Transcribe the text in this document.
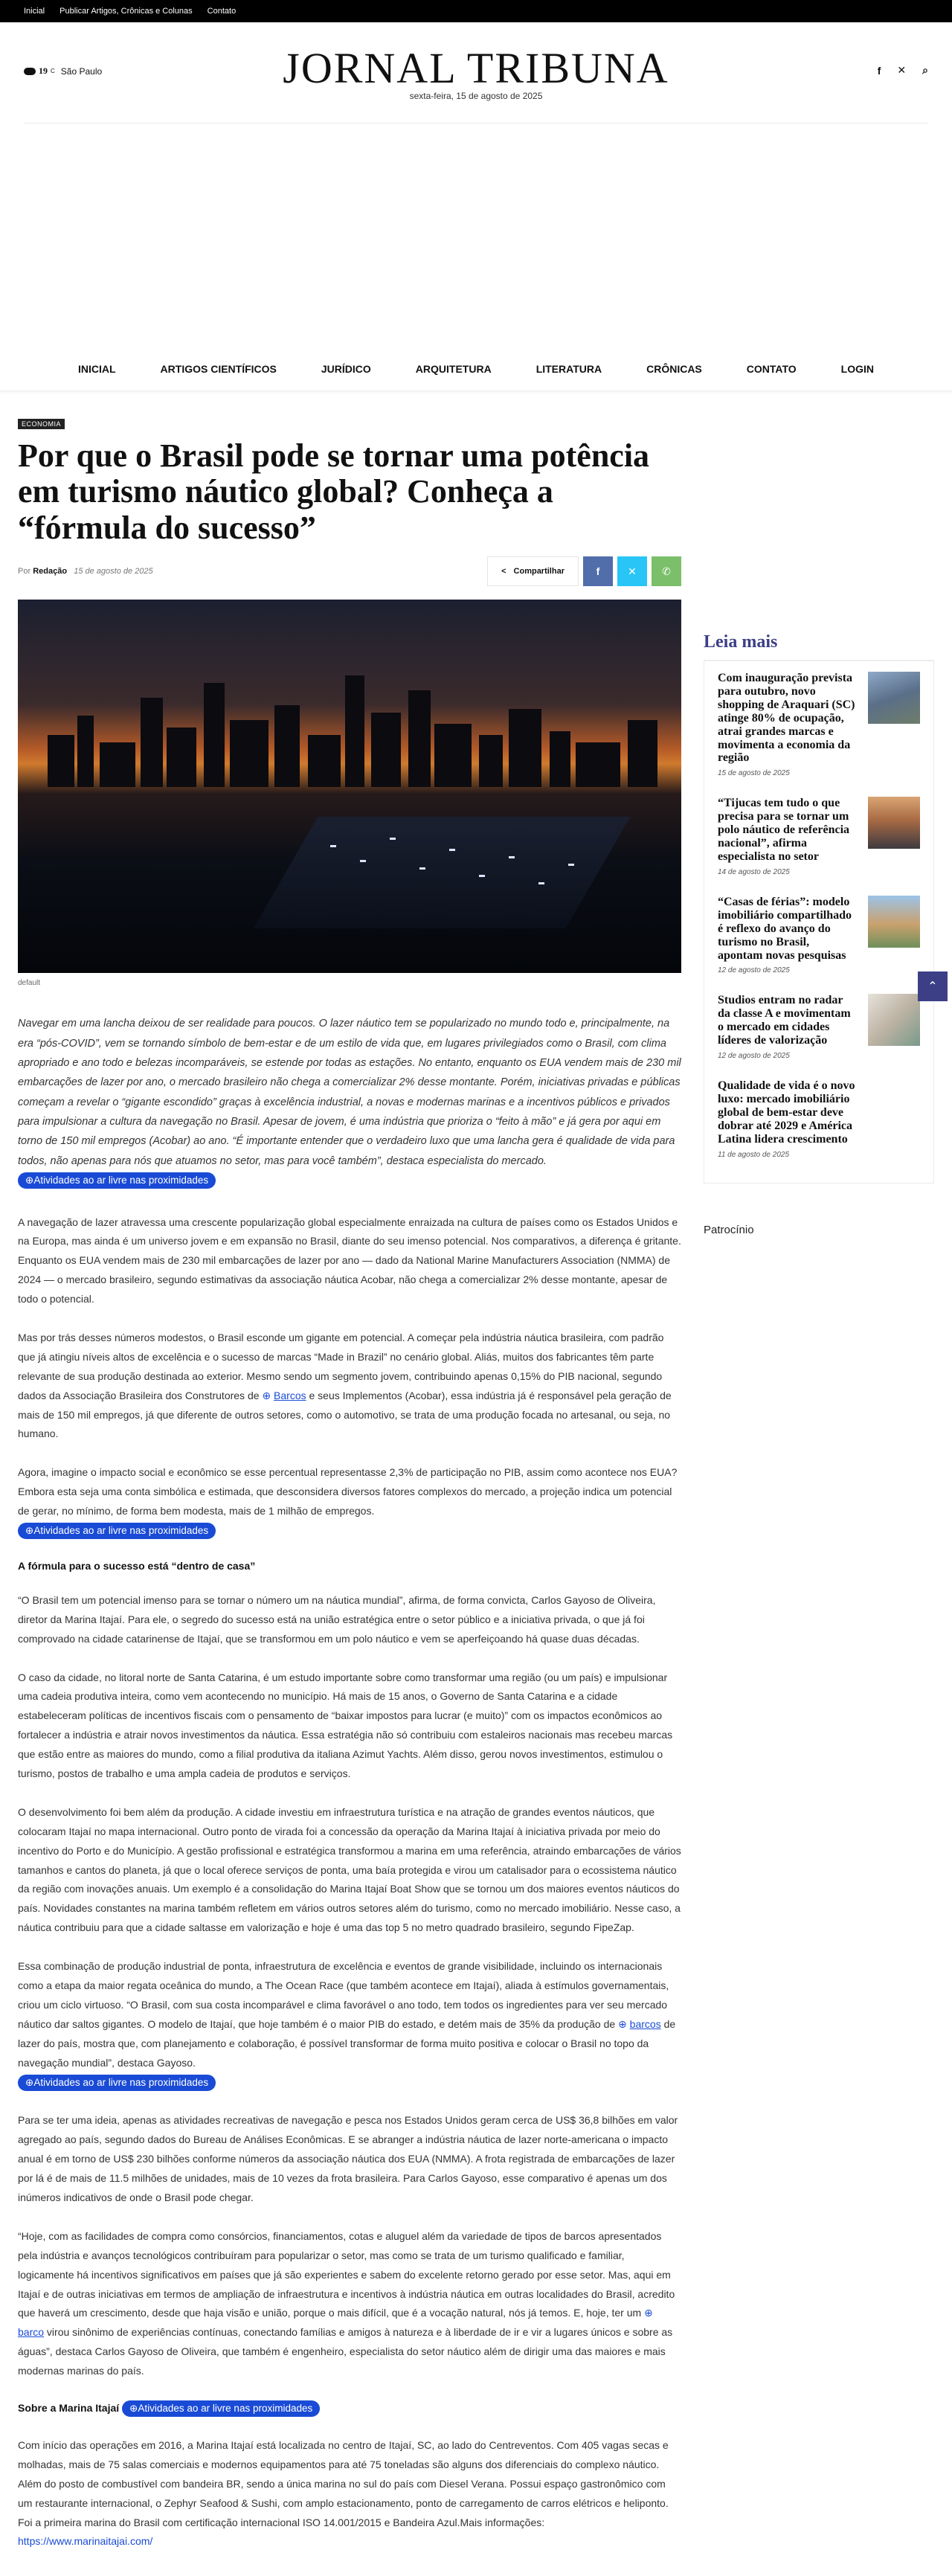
Inicial Publicar Artigos, Crônicas e Colunas Contato
19 C São Paulo	JORNAL TRIBUNA
sexta-feira, 15 de agosto de 2025
f ✕ ⌕
INICIAL	ARTIGOS CIENTÍFICOS	JURÍDICO	ARQUITETURA	LITERATURA	CRÔNICAS	CONTATO	LOGIN
ECONOMIA
Por que o Brasil pode se tornar uma potência em turismo náutico global? Conheça a “fórmula do sucesso”
Por Redação 15 de agosto de 2025	< Compartilhar	f	✕	✆
default

Navegar em uma lancha deixou de ser realidade para poucos. O lazer náutico tem se popularizado no mundo todo e, principalmente, na era “pós-COVID”, vem se tornando símbolo de bem-estar e de um estilo de vida que, em lugares privilegiados como o Brasil, com clima apropriado e ano todo e belezas incomparáveis, se estende por todas as estações. No entanto, enquanto os EUA vendem mais de 230 mil embarcações de lazer por ano, o mercado brasileiro não chega a comercializar 2% desse montante. Porém, iniciativas privadas e públicas começam a revelar o “gigante escondido” graças à excelência industrial, a novas e modernas marinas e a incentivos públicos e privados para impulsionar a cultura da navegação no Brasil. Apesar de jovem, é uma indústria que prioriza o “feito à mão” e já gera por aqui em torno de 150 mil empregos (Acobar) ao ano. “É importante entender que o verdadeiro luxo que uma lancha gera é qualidade de vida para todos, não apenas para nós que atuamos no setor, mas para você também”, destaca especialista do mercado. ⊕ Atividades ao ar livre nas proximidades

A navegação de lazer atravessa uma crescente popularização global especialmente enraizada na cultura de países como os Estados Unidos e na Europa, mas ainda é um universo jovem e em expansão no Brasil, diante do seu imenso potencial. Nos comparativos, a diferença é gritante. Enquanto os EUA vendem mais de 230 mil embarcações de lazer por ano — dado da National Marine Manufacturers Association (NMMA) de 2024 — o mercado brasileiro, segundo estimativas da associação náutica Acobar, não chega a comercializar 2% desse montante, apesar de todo o potencial.

Mas por trás desses números modestos, o Brasil esconde um gigante em potencial. A começar pela indústria náutica brasileira, com padrão que já atingiu níveis altos de excelência e o sucesso de marcas “Made in Brazil” no cenário global. Aliás, muitos dos fabricantes têm parte relevante de sua produção destinada ao exterior. Mesmo sendo um segmento jovem, contribuindo apenas 0,15% do PIB nacional, segundo dados da Associação Brasileira dos Construtores de ⊕ Barcos e seus Implementos (Acobar), essa indústria já é responsável pela geração de mais de 150 mil empregos, já que diferente de outros setores, como o automotivo, se trata de uma produção focada no artesanal, ou seja, no humano.

Agora, imagine o impacto social e econômico se esse percentual representasse 2,3% de participação no PIB, assim como acontece nos EUA? Embora esta seja uma conta simbólica e estimada, que desconsidera diversos fatores complexos do mercado, a projeção indica um potencial de gerar, no mínimo, de forma bem modesta, mais de 1 milhão de empregos.
⊕ Atividades ao ar livre nas proximidades

A fórmula para o sucesso está “dentro de casa”

“O Brasil tem um potencial imenso para se tornar o número um na náutica mundial”, afirma, de forma convicta, Carlos Gayoso de Oliveira, diretor da Marina Itajaí. Para ele, o segredo do sucesso está na união estratégica entre o setor público e a iniciativa privada, o que já foi comprovado na cidade catarinense de Itajaí, que se transformou em um polo náutico e vem se aperfeiçoando há quase duas décadas.

O caso da cidade, no litoral norte de Santa Catarina, é um estudo importante sobre como transformar uma região (ou um país) e impulsionar uma cadeia produtiva inteira, como vem acontecendo no município. Há mais de 15 anos, o Governo de Santa Catarina e a cidade estabeleceram políticas de incentivos fiscais com o pensamento de “baixar impostos para lucrar (e muito)” com os impactos econômicos ao fortalecer a indústria e atrair novos investimentos da náutica. Essa estratégia não só contribuiu com estaleiros nacionais mas recebeu marcas que estão entre as maiores do mundo, como a filial produtiva da italiana Azimut Yachts. Além disso, gerou novos investimentos, estimulou o turismo, postos de trabalho e uma ampla cadeia de produtos e serviços.

O desenvolvimento foi bem além da produção. A cidade investiu em infraestrutura turística e na atração de grandes eventos náuticos, que colocaram Itajaí no mapa internacional. Outro ponto de virada foi a concessão da operação da Marina Itajaí à iniciativa privada por meio do incentivo do Porto e do Município. A gestão profissional e estratégica transformou a marina em uma referência, atraindo embarcações de vários tamanhos e cantos do planeta, já que o local oferece serviços de ponta, uma baía protegida e virou um catalisador para o ecossistema náutico da região com inovações anuais. Um exemplo é a consolidação do Marina Itajaí Boat Show que se tornou um dos maiores eventos náuticos do país. Novidades constantes na marina também refletem em vários outros setores além do turismo, como no mercado imobiliário. Nesse caso, a náutica contribuiu para que a cidade saltasse em valorização e hoje é uma das top 5 no metro quadrado brasileiro, segundo FipeZap.

Essa combinação de produção industrial de ponta, infraestrutura de excelência e eventos de grande visibilidade, incluindo os internacionais como a etapa da maior regata oceânica do mundo, a The Ocean Race (que também acontece em Itajaí), aliada à estímulos governamentais, criou um ciclo virtuoso. “O Brasil, com sua costa incomparável e clima favorável o ano todo, tem todos os ingredientes para ver seu mercado náutico dar saltos gigantes. O modelo de Itajaí, que hoje também é o maior PIB do estado, e detém mais de 35% da produção de ⊕ barcos de lazer do país, mostra que, com planejamento e colaboração, é possível transformar de forma muito positiva e colocar o Brasil no topo da navegação mundial”, destaca Gayoso.
⊕ Atividades ao ar livre nas proximidades

Para se ter uma ideia, apenas as atividades recreativas de navegação e pesca nos Estados Unidos geram cerca de US$ 36,8 bilhões em valor agregado ao país, segundo dados do Bureau de Análises Econômicas. E se abranger a indústria náutica de lazer norte-americana o impacto anual é em torno de US$ 230 bilhões conforme números da associação náutica dos EUA (NMMA). A frota registrada de embarcações de lazer por lá é de mais de 11.5 milhões de unidades, mais de 10 vezes da frota brasileira. Para Carlos Gayoso, esse comparativo é apenas um dos inúmeros indicativos de onde o Brasil pode chegar.

“Hoje, com as facilidades de compra como consórcios, financiamentos, cotas e aluguel além da variedade de tipos de barcos apresentados pela indústria e avanços tecnológicos contribuíram para popularizar o setor, mas como se trata de um turismo qualificado e familiar, logicamente há incentivos significativos em países que já são experientes e sabem do excelente retorno gerado por esse setor. Mas, aqui em Itajaí e de outras iniciativas em termos de ampliação de infraestrutura e incentivos à indústria náutica em outras localidades do Brasil, acredito que haverá um crescimento, desde que haja visão e união, porque o mais difícil, que é a vocação natural, nós já temos. E, hoje, ter um ⊕ barco virou sinônimo de experiências contínuas, conectando famílias e amigos à natureza e à liberdade de ir e vir a lugares únicos e sobre as águas”, destaca Carlos Gayoso de Oliveira, que também é engenheiro, especialista do setor náutico além de dirigir uma das maiores e mais modernas marinas do país.

Sobre a Marina Itajaí ⊕ Atividades ao ar livre nas proximidades

Com início das operações em 2016, a Marina Itajaí está localizada no centro de Itajaí, SC, ao lado do Centreventos. Com 405 vagas secas e molhadas, mais de 75 salas comerciais e modernos equipamentos para até 75 toneladas são alguns dos diferenciais do complexo náutico. Além do posto de combustível com bandeira BR, sendo a única marina no sul do país com Diesel Verana. Possui espaço gastronômico com um restaurante internacional, o Zephyr Seafood & Sushi, com amplo estacionamento, ponto de carregamento de carros elétricos e heliponto. Foi a primeira marina do Brasil com certificação internacional ISO 14.001/2015 e Bandeira Azul.Mais informações: https://www.marinaitajai.com/

Leia mais
Com inauguração prevista para outubro, novo shopping de Araquari (SC) atinge 80% de ocupação, atrai grandes marcas e movimenta a economia da região
15 de agosto de 2025
“Tijucas tem tudo o que precisa para se tornar um polo náutico de referência nacional”, afirma especialista no setor
14 de agosto de 2025
“Casas de férias”: modelo imobiliário compartilhado é reflexo do avanço do turismo no Brasil, apontam novas pesquisas
12 de agosto de 2025
Studios entram no radar da classe A e movimentam o mercado em cidades líderes de valorização
12 de agosto de 2025
Qualidade de vida é o novo luxo: mercado imobiliário global de bem-estar deve dobrar até 2029 e América Latina lidera crescimento
11 de agosto de 2025
Patrocínio
⌃
